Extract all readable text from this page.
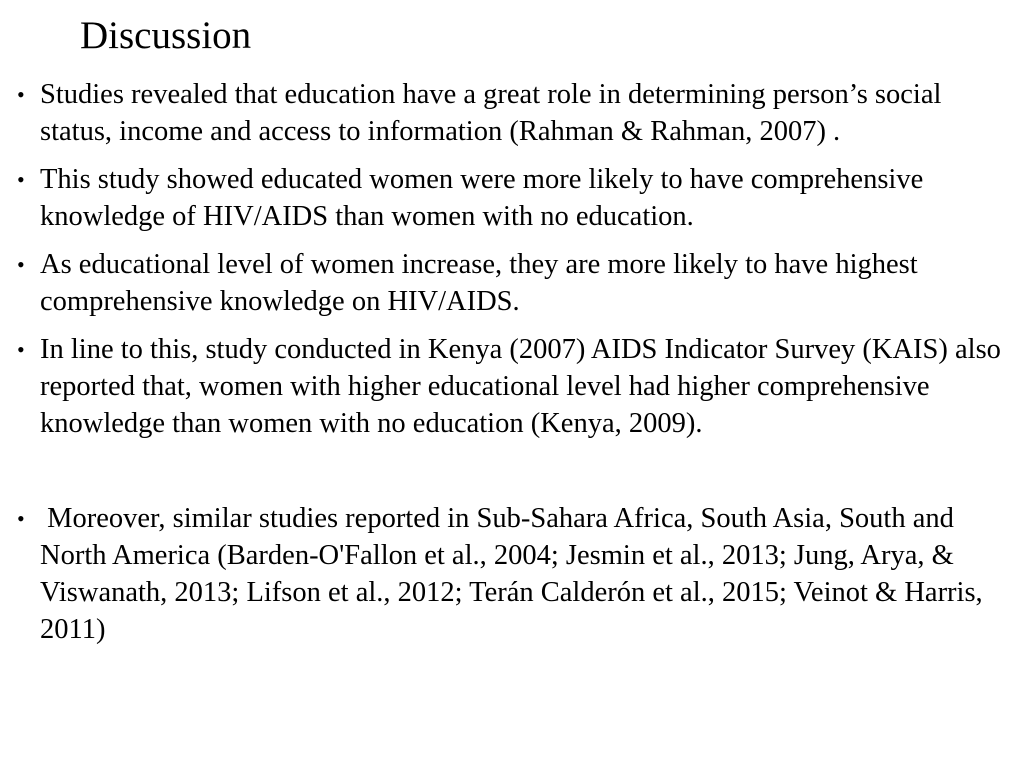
Discussion
• Studies revealed that education have a great role in determining person’s social status, income and access to information (Rahman & Rahman, 2007) .
• This study showed educated women were more likely to have comprehensive knowledge of HIV/AIDS than women with no education.
• As educational level of women increase, they are more likely to have highest comprehensive knowledge on HIV/AIDS.
• In line to this, study conducted in Kenya (2007) AIDS Indicator Survey (KAIS) also reported that, women with higher educational level had higher comprehensive knowledge than women with no education (Kenya, 2009).
• Moreover, similar studies reported in Sub-Sahara Africa, South Asia, South and North America (Barden-O'Fallon et al., 2004; Jesmin et al., 2013; Jung, Arya, & Viswanath, 2013; Lifson et al., 2012; Terán Calderón et al., 2015; Veinot & Harris, 2011)
